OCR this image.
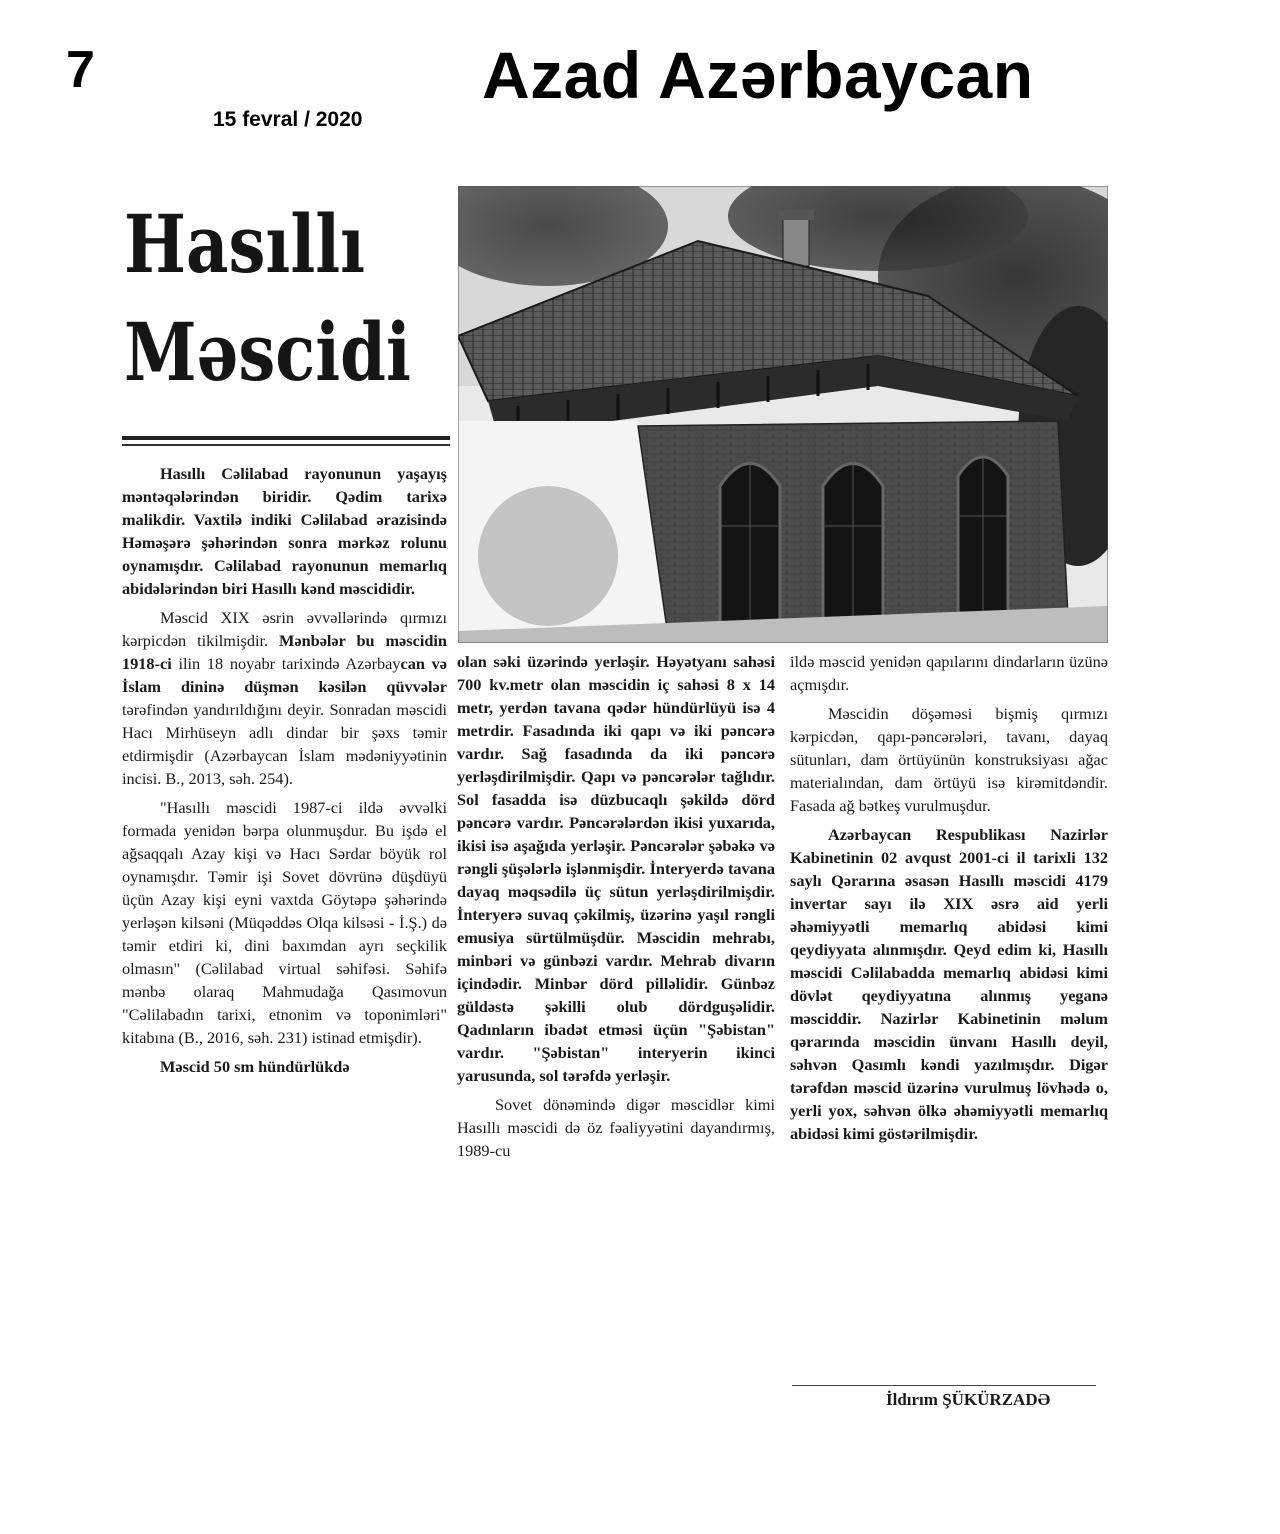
7
15 fevral / 2020
Azad Azərbaycan
Hasıllı
Məscidi

Hasıllı Cəlilabad rayonunun yaşayış məntəqələrindən biridir. Qədim tarixə malikdir. Vaxtilə indiki Cəlilabad ərazisində Həməşərə şəhərindən sonra mərkəz rolunu oynamışdır. Cəlilabad rayonunun memarlıq abidələrindən biri Hasıllı kənd məscididir.

Məscid XIX əsrin əvvəllərində qırmızı kərpicdən tikilmişdir. Mənbələr bu məscidin 1918-ci ilin 18 noyabr tarixində Azərbaycan və İslam dininə düşmən kəsilən qüvvələr tərəfindən yandırıldığını deyir. Sonradan məscidi Hacı Mirhüseyn adlı dindar bir şəxs təmir etdirmişdir (Azərbaycan İslam mədəniyyətinin incisi. B., 2013, səh. 254).

"Hasıllı məscidi 1987-ci ildə əvvəlki formada yenidən bərpa olunmuşdur. Bu işdə el ağsaqqalı Azay kişi və Hacı Sərdar böyük rol oynamışdır. Təmir işi Sovet dövrünə düşdüyü üçün Azay kişi eyni vaxtda Göytəpə şəhərində yerləşən kilsəni (Müqəddəs Olqa kilsəsi - İ.Ş.) də təmir etdiri ki, dini baxımdan ayrı seçkilik olmasın" (Cəlilabad virtual səhifəsi. Səhifə mənbə olaraq Mahmudağa Qasımovun "Cəlilabadın tarixi, etnonim və toponimləri" kitabına (B., 2016, səh. 231) istinad etmişdir).

Məscid 50 sm hündürlükdə

olan səki üzərində yerləşir. Həyətyanı sahəsi 700 kv.metr olan məscidin iç sahəsi 8 x 14 metr, yerdən tavana qədər hündürlüyü isə 4 metrdir. Fasadında iki qapı və iki pəncərə vardır. Sağ fasadında da iki pəncərə yerləşdirilmişdir. Qapı və pəncərələr tağlıdır. Sol fasadda isə düzbucaqlı şəkildə dörd pəncərə vardır. Pəncərələrdən ikisi yuxarıda, ikisi isə aşağıda yerləşir. Pəncərələr şəbəkə və rəngli şüşələrlə işlənmişdir. İnteryerdə tavana dayaq məqsədilə üç sütun yerləşdirilmişdir. İnteryerə suvaq çəkilmiş, üzərinə yaşıl rəngli emusiya sürtülmüşdür. Məscidin mehrabı, minbəri və günbəzi vardır. Mehrab divarın içindədir. Minbər dörd pilləlidir. Günbəz güldəstə şəkilli olub dördguşəlidir. Qadınların ibadət etməsi üçün "Şəbistan" vardır. "Şəbistan" interyerin ikinci yarusunda, sol tərəfdə yerləşir.

Sovet dönəmində digər məscidlər kimi Hasıllı məscidi də öz fəaliyyətini dayandırmış, 1989-cu

ildə məscid yenidən qapılarını dindarların üzünə açmışdır.

Məscidin döşəməsi bişmiş qırmızı kərpicdən, qapı-pəncərələri, tavanı, dayaq sütunları, dam örtüyünün konstruksiyası ağac materialından, dam örtüyü isə kirəmitdəndir. Fasada ağ bətkeş vurulmuşdur.

Azərbaycan Respublikası Nazirlər Kabinetinin 02 avqust 2001-ci il tarixli 132 saylı Qərarına əsasən Hasıllı məscidi 4179 invertar sayı ilə XIX əsrə aid yerli əhəmiyyətli memarlıq abidəsi kimi qeydiyyata alınmışdır. Qeyd edim ki, Hasıllı məscidi Cəlilabadda memarlıq abidəsi kimi dövlət qeydiyyatına alınmış yeganə məsciddir. Nazirlər Kabinetinin məlum qərarında məscidin ünvanı Hasıllı deyil, səhvən Qasımlı kəndi yazılmışdır. Digər tərəfdən məscid üzərinə vurulmuş lövhədə o, yerli yox, səhvən ölkə əhəmiyyətli memarlıq abidəsi kimi göstərilmişdir.

İldırım ŞÜKÜRZADƏ
